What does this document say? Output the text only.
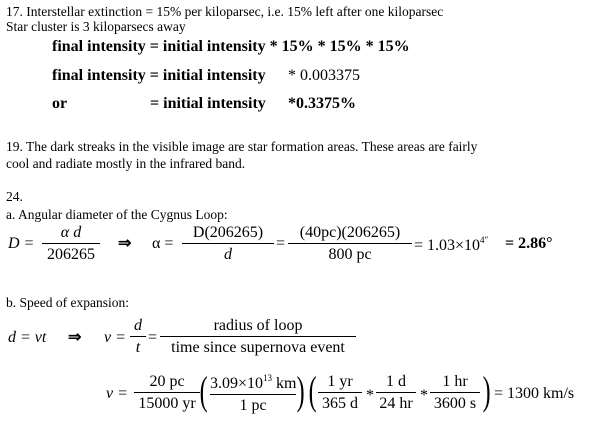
17. Interstellar extinction = 15% per kiloparsec, i.e. 15% left after one kiloparsec
Star cluster is 3 kiloparsecs away
final intensity = initial intensity * 15% * 15% * 15%
final intensity = initial intensity * 0.003375
or	= initial intensity *0.3375%
19. The dark streaks in the visible image are star formation areas. These areas are fairly
cool and radiate mostly in the infrared band.
24.
a. Angular diameter of the Cygnus Loop:
D =
α d
206265
⇒ α =
D(206265)
d
=
(40pc)(206265)
800 pc
= $1.03\times 10^{4''} = 2.86^\circ$
b. Speed of expansion:
d = vt ⇒ v =
d
t
=
radius of loop
time since supernova event
v =
20 pc
15000 yr ( $3.09\times 10^{13}$ km
1 pc ) ( 1 yr
365 d *
1 d
24 hr *
1 hr
3600 s ) = 1300 km/s
